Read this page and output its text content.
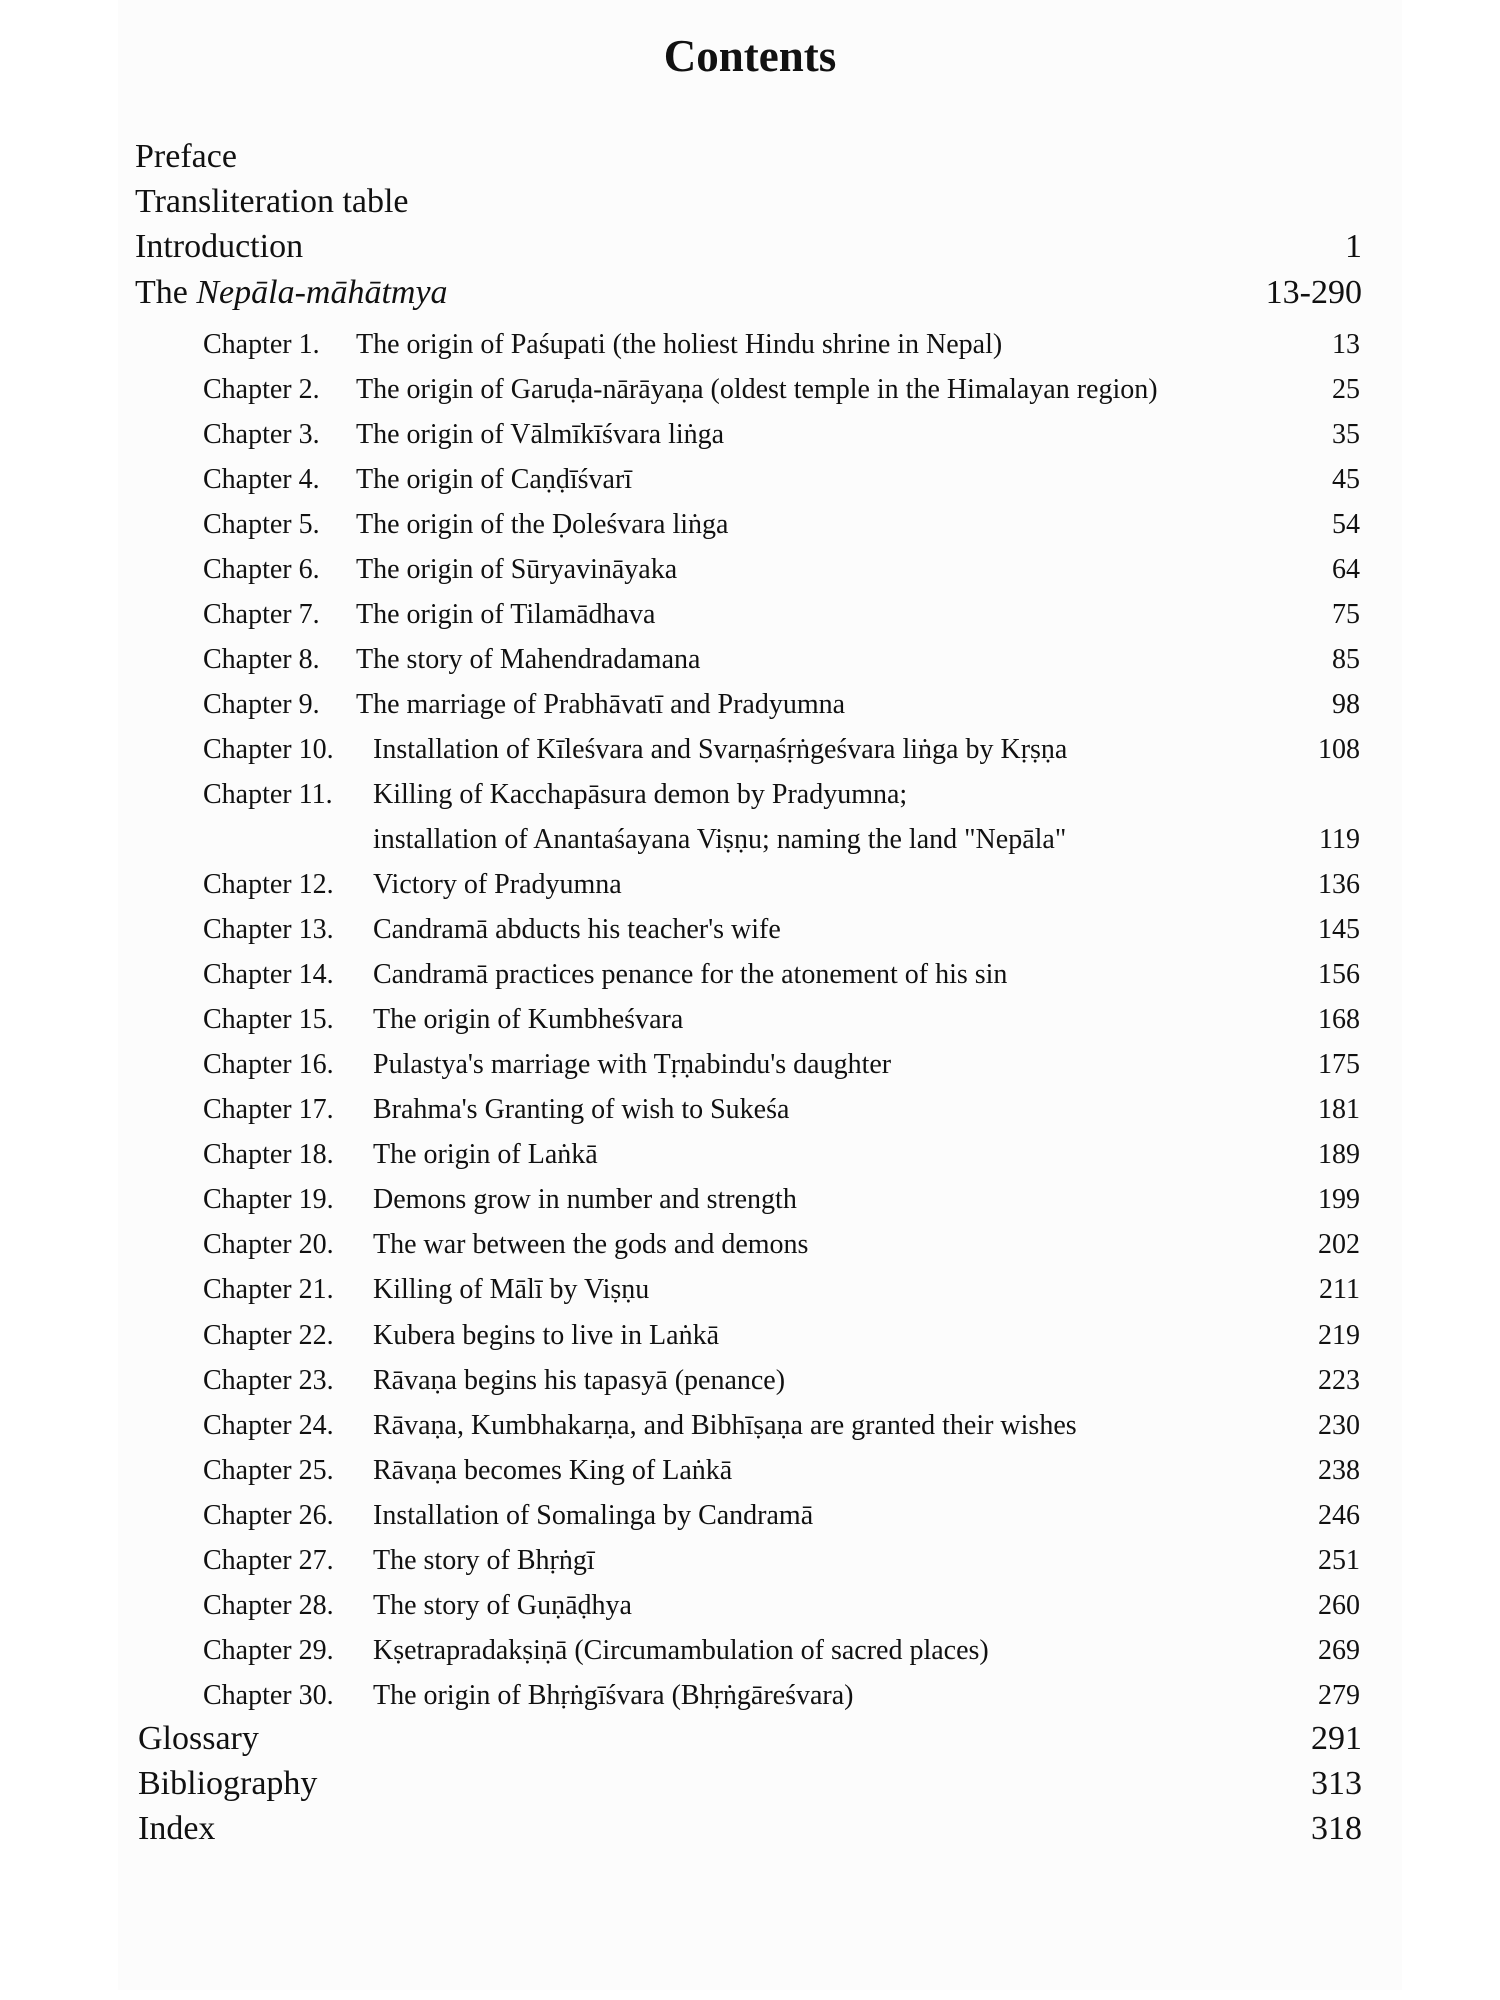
Contents
Preface
Transliteration table
Introduction	1
The Nepāla-māhātmya	13-290
Chapter 1. The origin of Paśupati (the holiest Hindu shrine in Nepal)	13
Chapter 2. The origin of Garuḍa-nārāyaṇa (oldest temple in the Himalayan region)	25
Chapter 3. The origin of Vālmīkīśvara liṅga	35
Chapter 4. The origin of Caṇḍīśvarī	45
Chapter 5. The origin of the Ḍoleśvara liṅga	54
Chapter 6. The origin of Sūryavināyaka	64
Chapter 7. The origin of Tilamādhava	75
Chapter 8. The story of Mahendradamana	85
Chapter 9. The marriage of Prabhāvatī and Pradyumna	98
Chapter 10. Installation of Kīleśvara and Svarṇaśṛṅgeśvara liṅga by Kṛṣṇa	108
Chapter 11. Killing of Kacchapāsura demon by Pradyumna;
installation of Anantaśayana Viṣṇu; naming the land "Nepāla"	119
Chapter 12. Victory of Pradyumna	136
Chapter 13. Candramā abducts his teacher's wife	145
Chapter 14. Candramā practices penance for the atonement of his sin	156
Chapter 15. The origin of Kumbheśvara	168
Chapter 16. Pulastya's marriage with Tṛṇabindu's daughter	175
Chapter 17. Brahma's Granting of wish to Sukeśa	181
Chapter 18. The origin of Laṅkā	189
Chapter 19. Demons grow in number and strength	199
Chapter 20. The war between the gods and demons	202
Chapter 21. Killing of Mālī by Viṣṇu	211
Chapter 22. Kubera begins to live in Laṅkā	219
Chapter 23. Rāvaṇa begins his tapasyā (penance)	223
Chapter 24. Rāvaṇa, Kumbhakarṇa, and Bibhīṣaṇa are granted their wishes	230
Chapter 25. Rāvaṇa becomes King of Laṅkā	238
Chapter 26. Installation of Somalinga by Candramā	246
Chapter 27. The story of Bhṛṅgī	251
Chapter 28. The story of Guṇāḍhya	260
Chapter 29. Kṣetrapradakṣiṇā (Circumambulation of sacred places)	269
Chapter 30. The origin of Bhṛṅgīśvara (Bhṛṅgāreśvara)	279
Glossary	291
Bibliography	313
Index	318
